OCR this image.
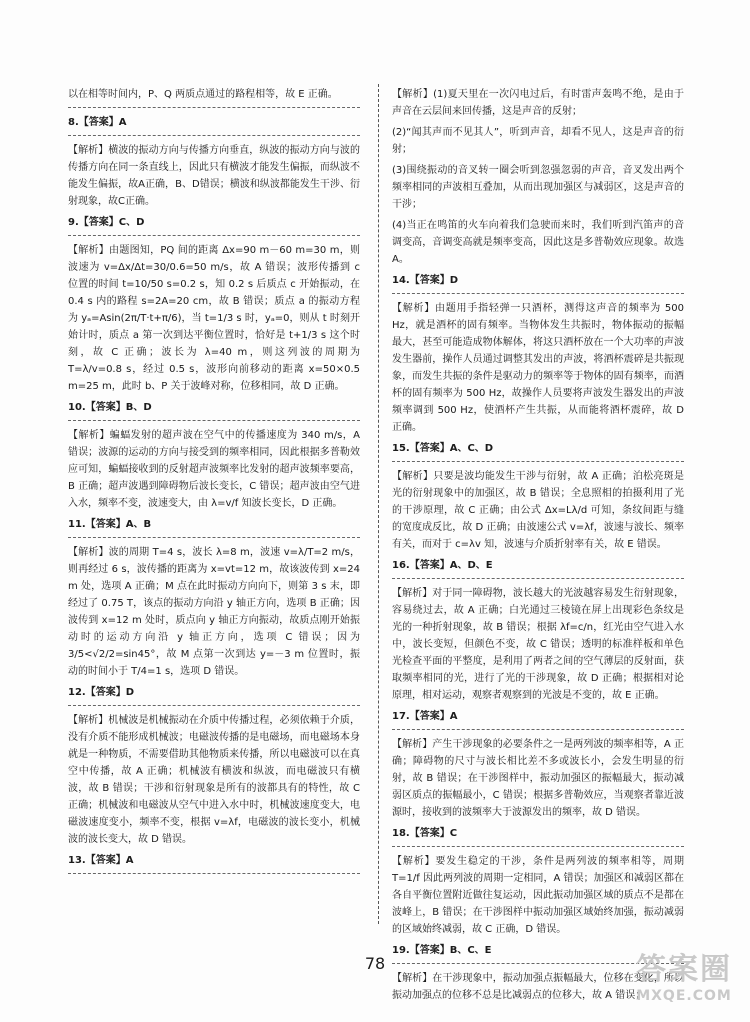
以在相等时间内，P、Q 两质点通过的路程相等，故 E 正确。
8.【答案】A
【解析】横波的振动方向与传播方向垂直，纵波的振动方向与波的传播方向在同一条直线上，因此只有横波才能发生偏振，而纵波不能发生偏振，故A正确，B、D错误；横波和纵波都能发生干涉、衍射现象，故C正确。
9.【答案】C、D
【解析】由题图知，PQ 间的距离 Δx=90 m－60 m=30 m，则波速为 v=Δx/Δt=30/0.6=50 m/s，故 A 错误；波形传播到 c 位置的时间 t=10/50 s=0.2 s，知 0.2 s 后质点 c 开始振动，在 0.4 s 内的路程 s=2A=20 cm，故 B 错误；质点 a 的振动方程为 yₐ=Asin(2π/T·t+π/6)，当 t=1/3 s 时，yₐ=0，则从 t 时刻开始计时，质点 a 第一次到达平衡位置时，恰好是 t+1/3 s 这个时刻，故 C 正确；波长为 λ=40 m，则这列波的周期为 T=λ/v=0.8 s，经过 0.5 s，波形向前移动的距离 x=50×0.5 m=25 m，此时 b、P 关于波峰对称，位移相同，故 D 正确。
10.【答案】B、D
【解析】蝙蝠发射的超声波在空气中的传播速度为 340 m/s，A 错误；波源的运动的方向与接受到的频率相同，因此根据多普勒效应可知，蝙蝠接收到的反射超声波频率比发射的超声波频率要高，B 正确；超声波遇到障碍物后波长变长，C 错误；超声波由空气进入水，频率不变，波速变大，由 λ=v/f 知波长变长，D 正确。
11.【答案】A、B
【解析】波的周期 T=4 s，波长 λ=8 m，波速 v=λ/T=2 m/s，则再经过 6 s，波传播的距离为 x=vt=12 m，故该波传到 x=24 m 处，选项 A 正确；M 点在此时振动方向向下，则第 3 s 末，即经过了 0.75 T，该点的振动方向沿 y 轴正方向，选项 B 正确；因波传到 x=12 m 处时，质点向 y 轴正方向振动，故质点刚开始振动时的运动方向沿 y 轴正方向，选项 C 错误；因为 3/5<√2/2=sin45°，故 M 点第一次到达 y=－3 m 位置时，振动的时间小于 T/4=1 s，选项 D 错误。
12.【答案】D
【解析】机械波是机械振动在介质中传播过程，必须依赖于介质，没有介质不能形成机械波；电磁波传播的是电磁场，而电磁场本身就是一种物质，不需要借助其他物质来传播，所以电磁波可以在真空中传播，故 A 正确；机械波有横波和纵波，而电磁波只有横波，故 B 错误；干涉和衍射现象是所有的波都具有的特性，故 C 正确；机械波和电磁波从空气中进入水中时，机械波速度变大，电磁波速度变小，频率不变，根据 v=λf，电磁波的波长变小，机械波的波长变大，故 D 错误。
13.【答案】A
【解析】(1)夏天里在一次闪电过后，有时雷声轰鸣不绝，是由于声音在云层间来回传播，这是声音的反射；
(2)“闻其声而不见其人”，听到声音，却看不见人，这是声音的衍射；
(3)围绕振动的音叉转一圈会听到忽强忽弱的声音，音叉发出两个频率相同的声波相互叠加，从而出现加强区与减弱区，这是声音的干涉；
(4)当正在鸣笛的火车向着我们急驶而来时，我们听到汽笛声的音调变高，音调变高就是频率变高，因此这是多普勒效应现象。故选 A。
14.【答案】D
【解析】由题用手指轻弹一只酒杯，测得这声音的频率为 500 Hz，就是酒杯的固有频率。当物体发生共振时，物体振动的振幅最大，甚至可能造成物体解体，将这只酒杯放在一个大功率的声波发生器前，操作人员通过调整其发出的声波，将酒杯震碎是共振现象，而发生共振的条件是驱动力的频率等于物体的固有频率，而酒杯的固有频率为 500 Hz，故操作人员要将声波发生器发出的声波频率调到 500 Hz，使酒杯产生共振，从而能将酒杯震碎，故 D 正确。
15.【答案】A、C、D
【解析】只要是波均能发生干涉与衍射，故 A 正确；泊松亮斑是光的衍射现象中的加强区，故 B 错误；全息照相的拍摄利用了光的干涉原理，故 C 正确；由公式 Δx=Lλ/d 可知，条纹间距与缝的宽度成反比，故 D 正确；由波速公式 v=λf，波速与波长、频率有关，而对于 c=λv 知，波速与介质折射率有关，故 E 错误。
16.【答案】A、D、E
【解析】对于同一障碍物，波长越大的光波越容易发生衍射现象，容易绕过去，故 A 正确；白光通过三棱镜在屏上出现彩色条纹是光的一种折射现象，故 B 错误；根据 λf=c/n，红光由空气进入水中，波长变短，但颜色不变，故 C 错误；透明的标准样板和单色光检查平面的平整度，是利用了两者之间的空气薄层的反射面，获取频率相同的光，进行了光的干涉现象，故 D 正确；根据相对论原理，相对运动，观察者观察到的光波是不变的，故 E 正确。
17.【答案】A
【解析】产生干涉现象的必要条件之一是两列波的频率相等，A 正确；障碍物的尺寸与波长相比差不多或波长小，会发生明显的衍射，故 B 错误；在干涉图样中，振动加强区的振幅最大，振动减弱区质点的振幅最小，C 错误；根据多普勒效应，当观察者靠近波源时，接收到的波频率大于波源发出的频率，故 D 错误。
18.【答案】C
【解析】要发生稳定的干涉，条件是两列波的频率相等，周期 T=1/f 因此两列波的周期一定相同，A 错误；加强区和减弱区都在各自平衡位置附近做往复运动，因此振动加强区域的质点不是都在波峰上，B 错误；在干涉图样中振动加强区域始终加强，振动减弱的区域始终减弱，故 C 正确，D 错误。
19.【答案】B、C、E
【解析】在干涉现象中，振动加强点振幅最大，位移在变化，所以振动加强点的位移不总是比减弱点的位移大，故 A 错误；
78	答案圈
MXQE.COM
